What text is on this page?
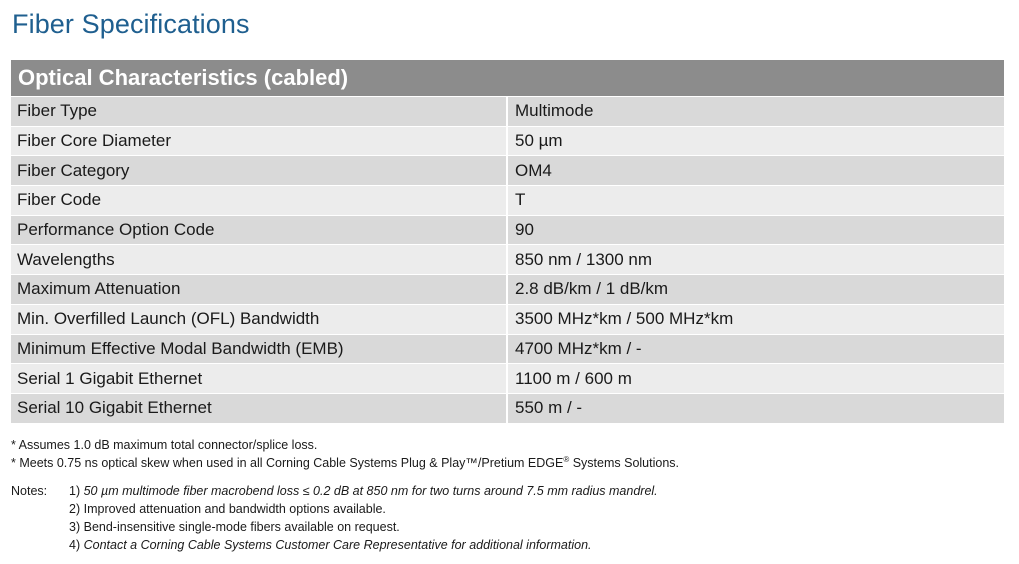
Fiber Specifications
Optical Characteristics (cabled)
Fiber Type	Multimode
Fiber Core Diameter	50 µm
Fiber Category	OM4
Fiber Code	T
Performance Option Code	90
Wavelengths	850 nm / 1300 nm
Maximum Attenuation	2.8 dB/km / 1 dB/km
Min. Overfilled Launch (OFL) Bandwidth	3500 MHz*km / 500 MHz*km
Minimum Effective Modal Bandwidth (EMB)	4700 MHz*km / -
Serial 1 Gigabit Ethernet	1100 m / 600 m
Serial 10 Gigabit Ethernet	550 m / -
* Assumes 1.0 dB maximum total connector/splice loss.
* Meets 0.75 ns optical skew when used in all Corning Cable Systems Plug & Play™/Pretium EDGE® Systems Solutions.
Notes:	1) 50 µm multimode fiber macrobend loss ≤ 0.2 dB at 850 nm for two turns around 7.5 mm radius mandrel.
2) Improved attenuation and bandwidth options available.
3) Bend-insensitive single-mode fibers available on request.
4) Contact a Corning Cable Systems Customer Care Representative for additional information.
